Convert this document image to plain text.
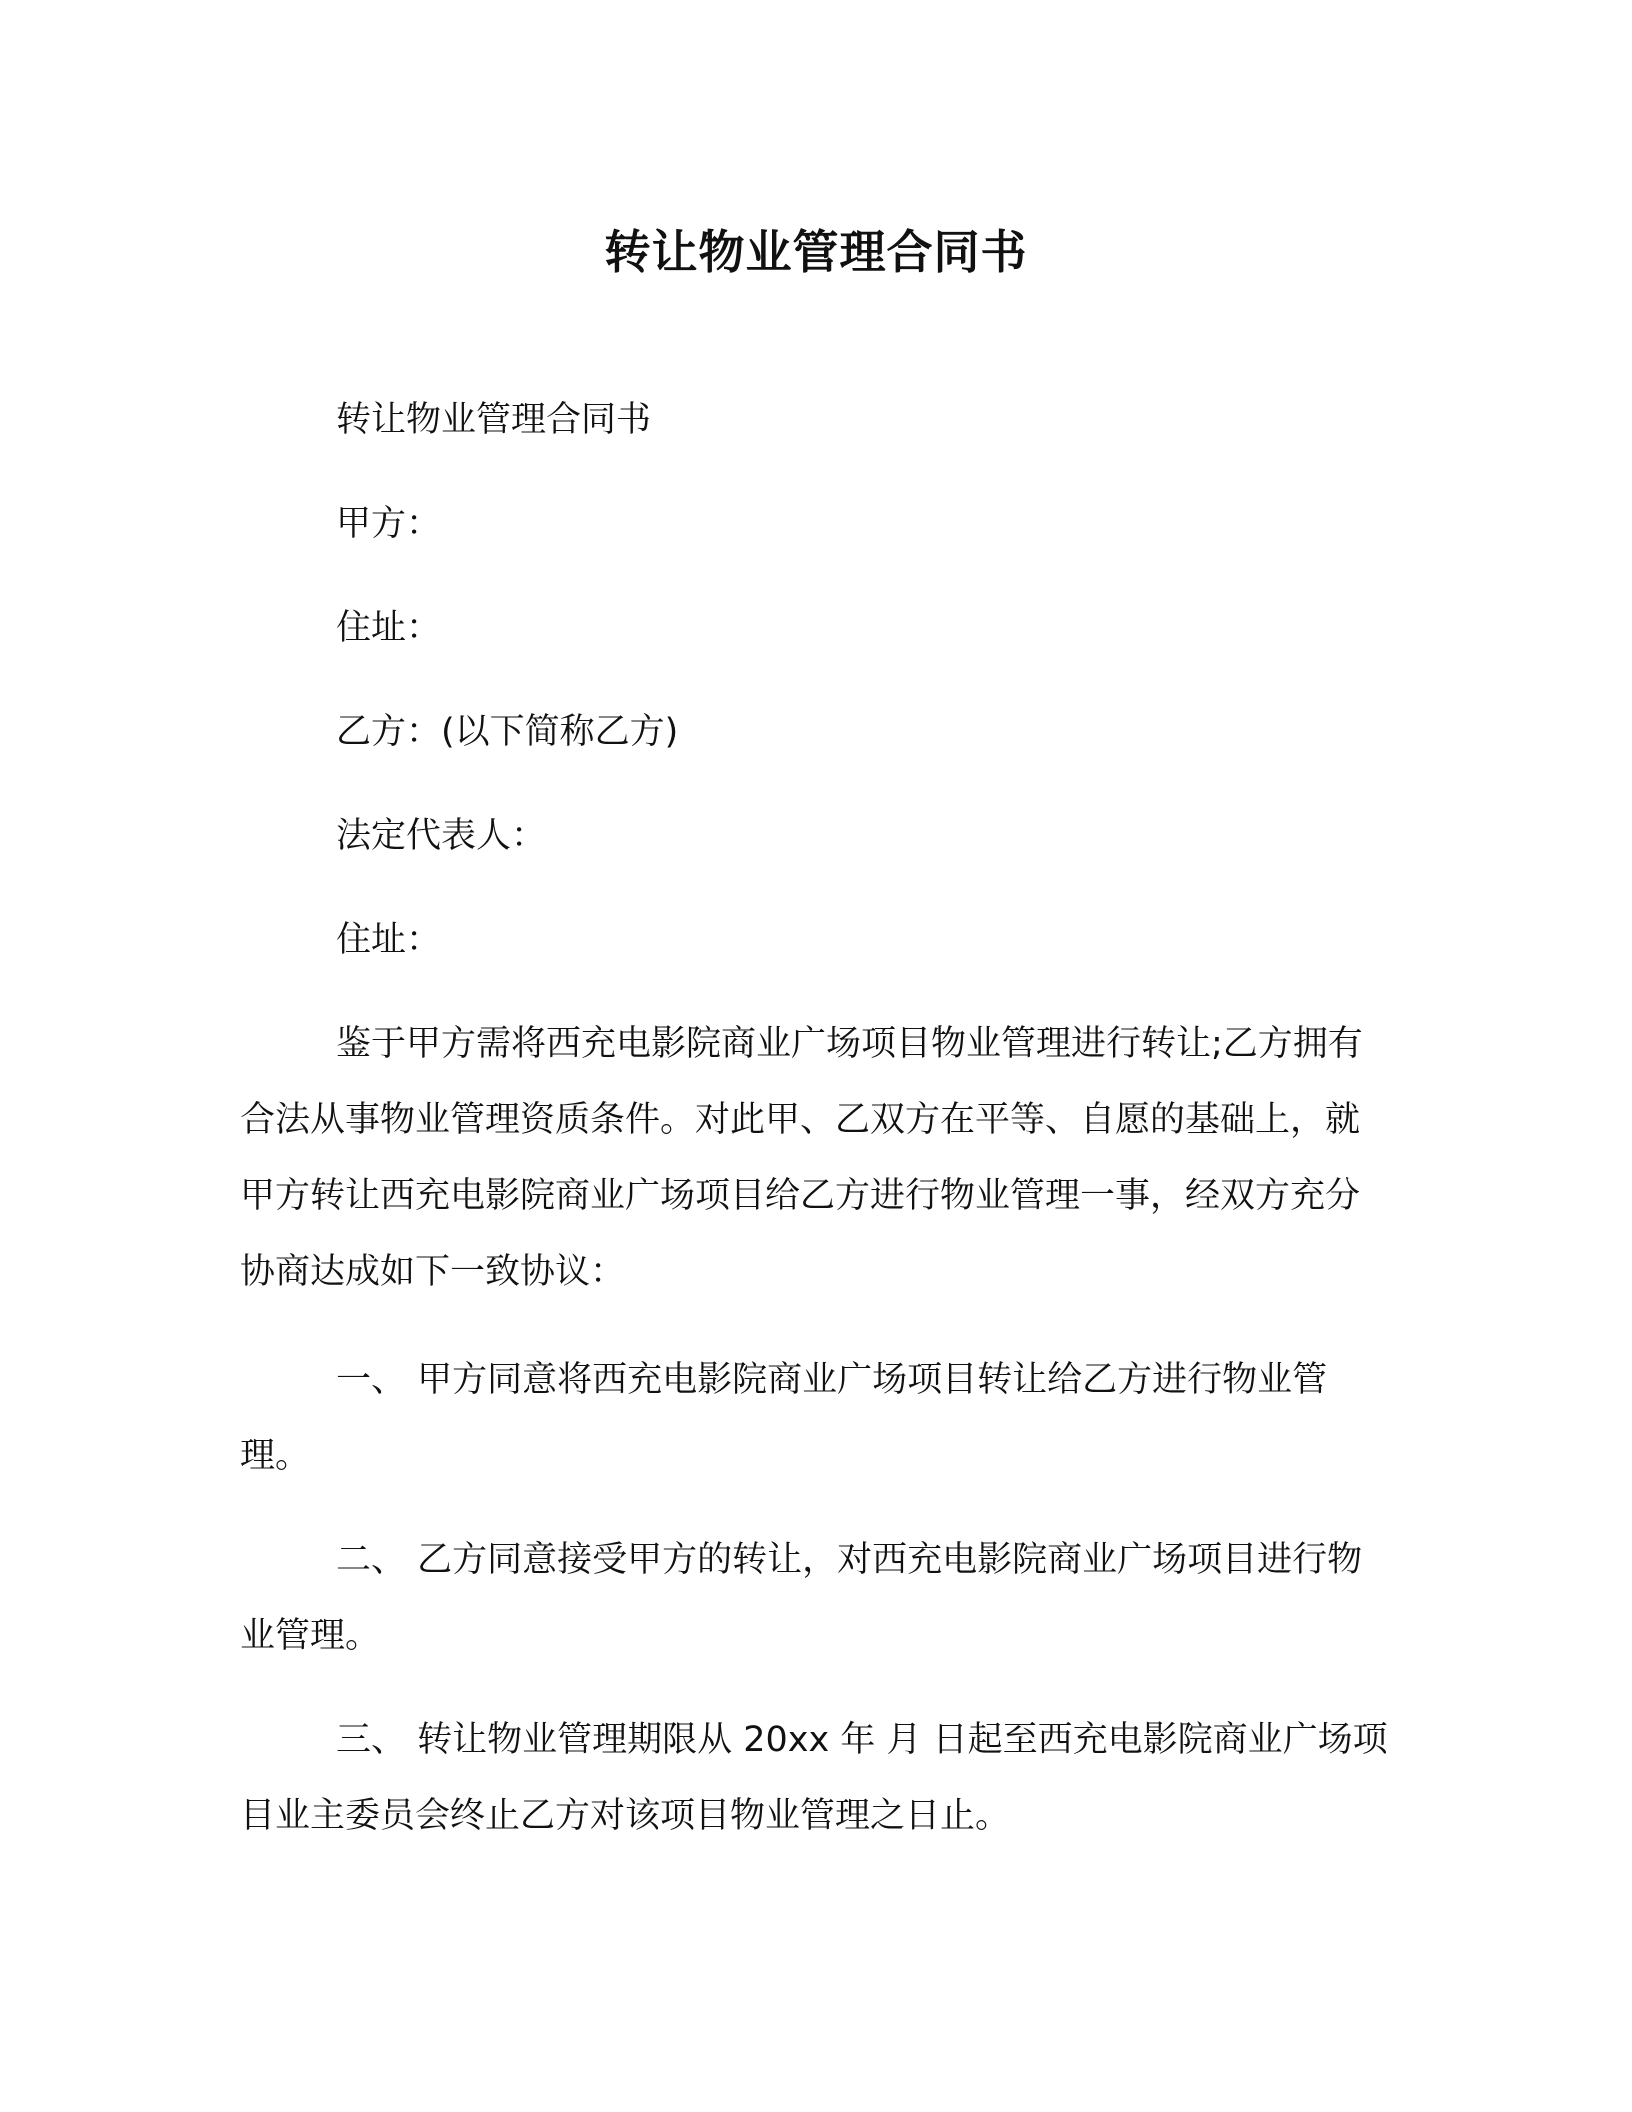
转让物业管理合同书
转让物业管理合同书
甲方：
住址：
乙方：(以下简称乙方)
法定代表人：
住址：

鉴于甲方需将西充电影院商业广场项目物业管理进行转让;乙方拥有合法从事物业管理资质条件。对此甲、乙双方在平等、自愿的基础上，就甲方转让西充电影院商业广场项目给乙方进行物业管理一事，经双方充分协商达成如下一致协议：

一、 甲方同意将西充电影院商业广场项目转让给乙方进行物业管理。

二、 乙方同意接受甲方的转让，对西充电影院商业广场项目进行物业管理。

三、 转让物业管理期限从 20xx 年 月 日起至西充电影院商业广场项目业主委员会终止乙方对该项目物业管理之日止。
